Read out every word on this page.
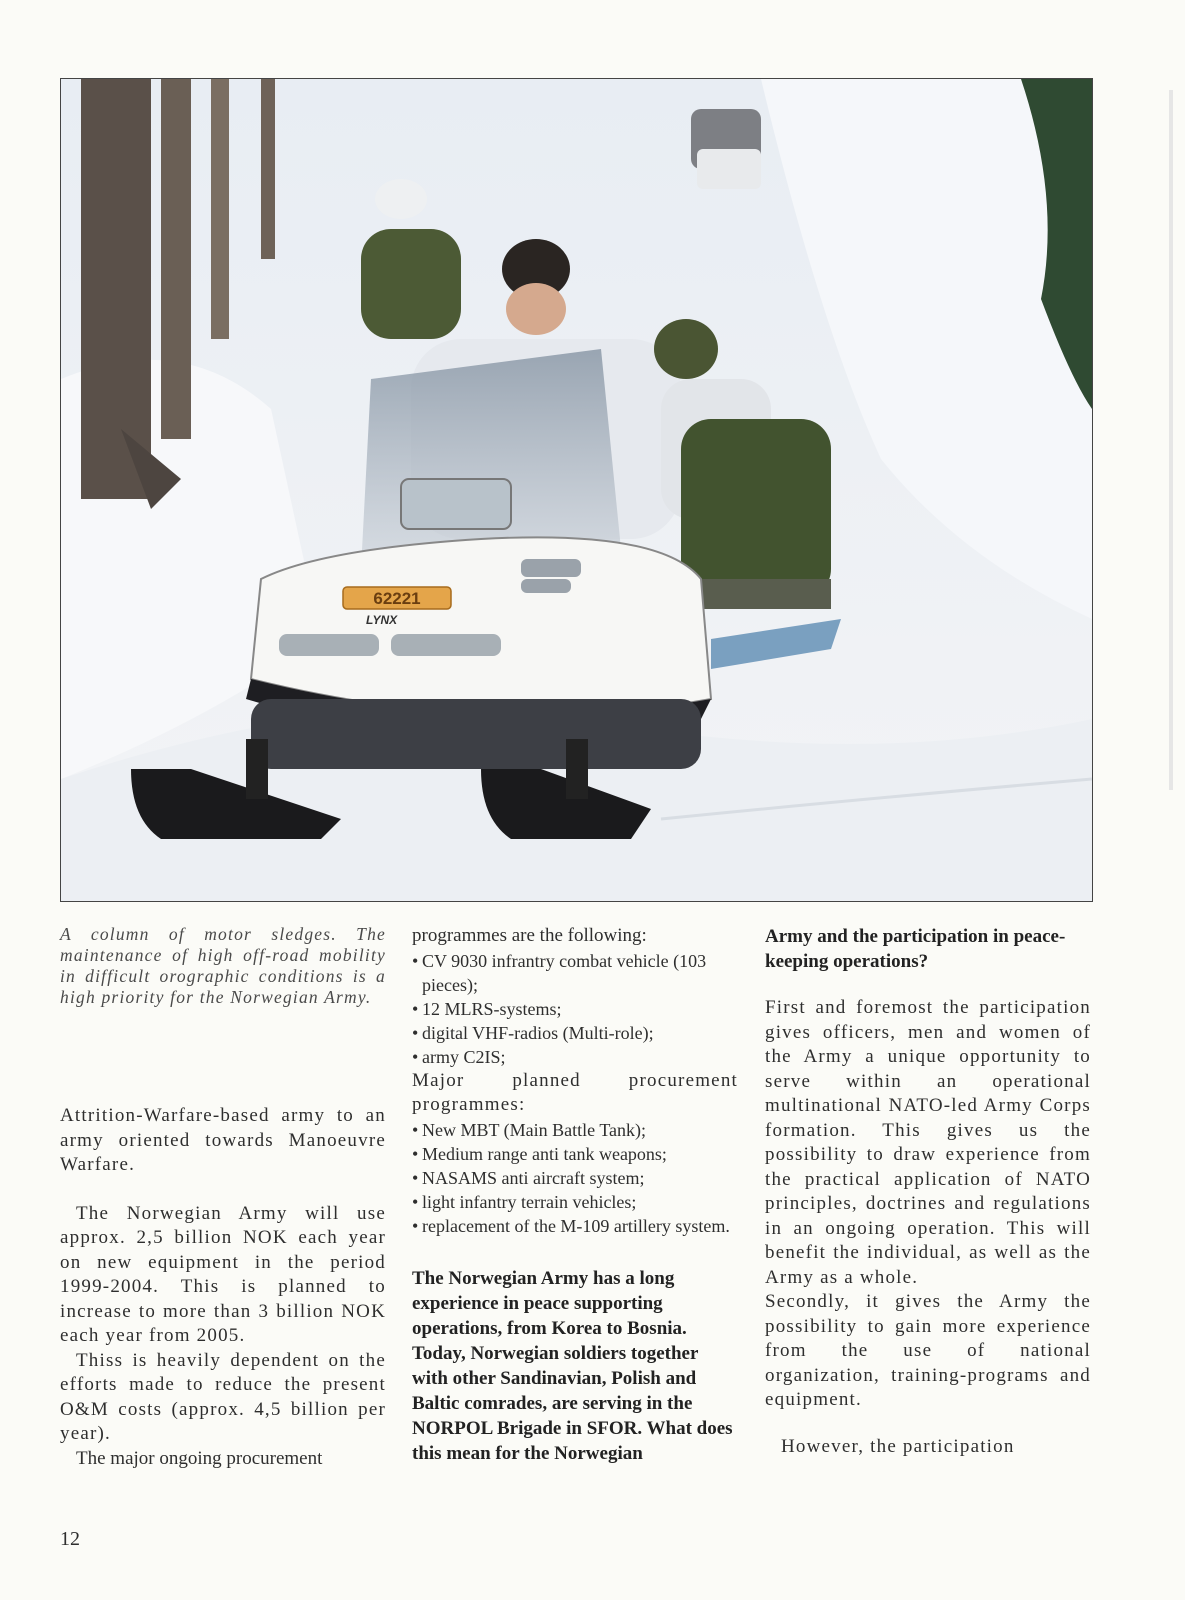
62221
LYNX

A column of motor sledges. The maintenance of high off-road mobility in difficult orographic conditions is a high priority for the Norwegian Army.

Attrition-Warfare-based army to an army oriented towards Manoeuvre Warfare.

The Norwegian Army will use approx. 2,5 billion NOK each year on new equipment in the period 1999-2004. This is planned to increase to more than 3 billion NOK each year from 2005.

Thiss is heavily dependent on the efforts made to reduce the present O&M costs (approx. 4,5 billion per year).

The major ongoing procurement

programmes are the following:

• CV 9030 infrantry combat vehicle (103 pieces);
• 12 MLRS-systems;
• digital VHF-radios (Multi-role);
• army C2IS;

Major planned procurement programmes:

• New MBT (Main Battle Tank);
• Medium range anti tank weapons;
• NASAMS anti aircraft system;
• light infantry terrain vehicles;
• replacement of the M-109 artillery system.

The Norwegian Army has a long experience in peace supporting operations, from Korea to Bosnia. Today, Norwegian soldiers together with other Sandinavian, Polish and Baltic comrades, are serving in the NORPOL Brigade in SFOR. What does this mean for the Norwegian

Army and the participation in peace-keeping operations?

First and foremost the participation gives officers, men and women of the Army a unique opportunity to serve within an operational multinational NATO-led Army Corps formation. This gives us the possibility to draw experience from the practical application of NATO principles, doctrines and regulations in an ongoing operation. This will benefit the individual, as well as the Army as a whole.

Secondly, it gives the Army the possibility to gain more experience from the use of national organization, training-programs and equipment.

However, the participation

12
